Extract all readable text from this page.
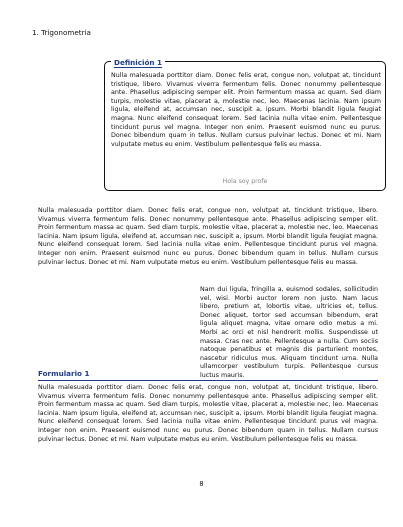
1. Trigonometria
Definición 1
Nulla malesuada porttitor diam. Donec felis erat, congue non, volutpat at, tincidunt tristique, libero. Vivamus viverra fermentum felis. Donec nonummy pellentesque ante. Phasellus adipiscing semper elit. Proin fermentum massa ac quam. Sed diam turpis, molestie vitae, placerat a, molestie nec, leo. Maecenas lacinia. Nam ipsum ligula, eleifend at, accumsan nec, suscipit a, ipsum. Morbi blandit ligula feugiat magna. Nunc eleifend consequat lorem. Sed lacinia nulla vitae enim. Pellentesque tincidunt purus vel magna. Integer non enim. Praesent euismod nunc eu purus. Donec bibendum quam in tellus. Nullam cursus pulvinar lectus. Donec et mi. Nam vulputate metus eu enim. Vestibulum pellentesque felis eu massa.
Hola soy profe
Nulla malesuada porttitor diam. Donec felis erat, congue non, volutpat at, tincidunt tristique, libero. Vivamus viverra fermentum felis. Donec nonummy pellentesque ante. Phasellus adipiscing semper elit. Proin fermentum massa ac quam. Sed diam turpis, molestie vitae, placerat a, molestie nec, leo. Maecenas lacinia. Nam ipsum ligula, eleifend at, accumsan nec, suscipit a, ipsum. Morbi blandit ligula feugiat magna. Nunc eleifend consequat lorem. Sed lacinia nulla vitae enim. Pellentesque tincidunt purus vel magna. Integer non enim. Praesent euismod nunc eu purus. Donec bibendum quam in tellus. Nullam cursus pulvinar lectus. Donec et mi. Nam vulputate metus eu enim. Vestibulum pellentesque felis eu massa.
Nam dui ligula, fringilla a, euismod sodales, sollicitudin vel, wisi. Morbi auctor lorem non justo. Nam lacus libero, pretium at, lobortis vitae, ultricies et, tellus. Donec aliquet, tortor sed accumsan bibendum, erat ligula aliquet magna, vitae ornare odio metus a mi. Morbi ac orci et nisl hendrerit mollis. Suspendisse ut massa. Cras nec ante. Pellentesque a nulla. Cum sociis natoque penatibus et magnis dis parturient montes, nascetur ridiculus mus. Aliquam tincidunt urna. Nulla ullamcorper vestibulum turpis. Pellentesque cursus luctus mauris.
Formulario 1
Nulla malesuada porttitor diam. Donec felis erat, congue non, volutpat at, tincidunt tristique, libero. Vivamus viverra fermentum felis. Donec nonummy pellentesque ante. Phasellus adipiscing semper elit. Proin fermentum massa ac quam. Sed diam turpis, molestie vitae, placerat a, molestie nec, leo. Maecenas lacinia. Nam ipsum ligula, eleifend at, accumsan nec, suscipit a, ipsum. Morbi blandit ligula feugiat magna. Nunc eleifend consequat lorem. Sed lacinia nulla vitae enim. Pellentesque tincidunt purus vel magna. Integer non enim. Praesent euismod nunc eu purus. Donec bibendum quam in tellus. Nullam cursus pulvinar lectus. Donec et mi. Nam vulputate metus eu enim. Vestibulum pellentesque felis eu massa.
8
